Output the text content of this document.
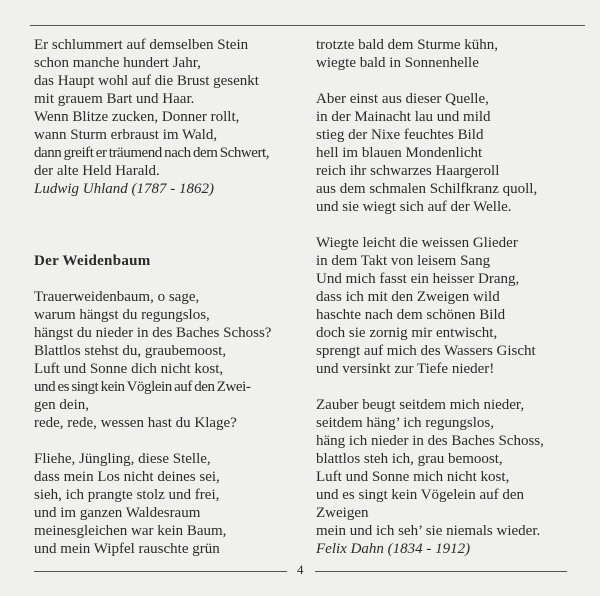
Er schlummert auf demselben Stein
schon manche hundert Jahr,
das Haupt wohl auf die Brust gesenkt
mit grauem Bart und Haar.
Wenn Blitze zucken, Donner rollt,
wann Sturm erbraust im Wald,
dann greift er träumend nach dem Schwert,
der alte Held Harald.
Ludwig Uhland (1787 - 1862)
Der Weidenbaum
Trauerweidenbaum, o sage,
warum hängst du regungslos,
hängst du nieder in des Baches Schoss?
Blattlos stehst du, graubemoost,
Luft und Sonne dich nicht kost,
und es singt kein Vöglein auf den Zwei-
gen dein,
rede, rede, wessen hast du Klage?
Fliehe, Jüngling, diese Stelle,
dass mein Los nicht deines sei,
sieh, ich prangte stolz und frei,
und im ganzen Waldesraum
meinesgleichen war kein Baum,
und mein Wipfel rauschte grün
trotzte bald dem Sturme kühn,
wiegte bald in Sonnenhelle
Aber einst aus dieser Quelle,
in der Mainacht lau und mild
stieg der Nixe feuchtes Bild
hell im blauen Mondenlicht
reich ihr schwarzes Haargeroll
aus dem schmalen Schilfkranz quoll,
und sie wiegt sich auf der Welle.
Wiegte leicht die weissen Glieder
in dem Takt von leisem Sang
Und mich fasst ein heisser Drang,
dass ich mit den Zweigen wild
haschte nach dem schönen Bild
doch sie zornig mir entwischt,
sprengt auf mich des Wassers Gischt
und versinkt zur Tiefe nieder!
Zauber beugt seitdem mich nieder,
seitdem häng’ ich regungslos,
häng ich nieder in des Baches Schoss,
blattlos steh ich, grau bemoost,
Luft und Sonne mich nicht kost,
und es singt kein Vögelein auf den
Zweigen
mein und ich seh’ sie niemals wieder.
Felix Dahn (1834 - 1912)
4
